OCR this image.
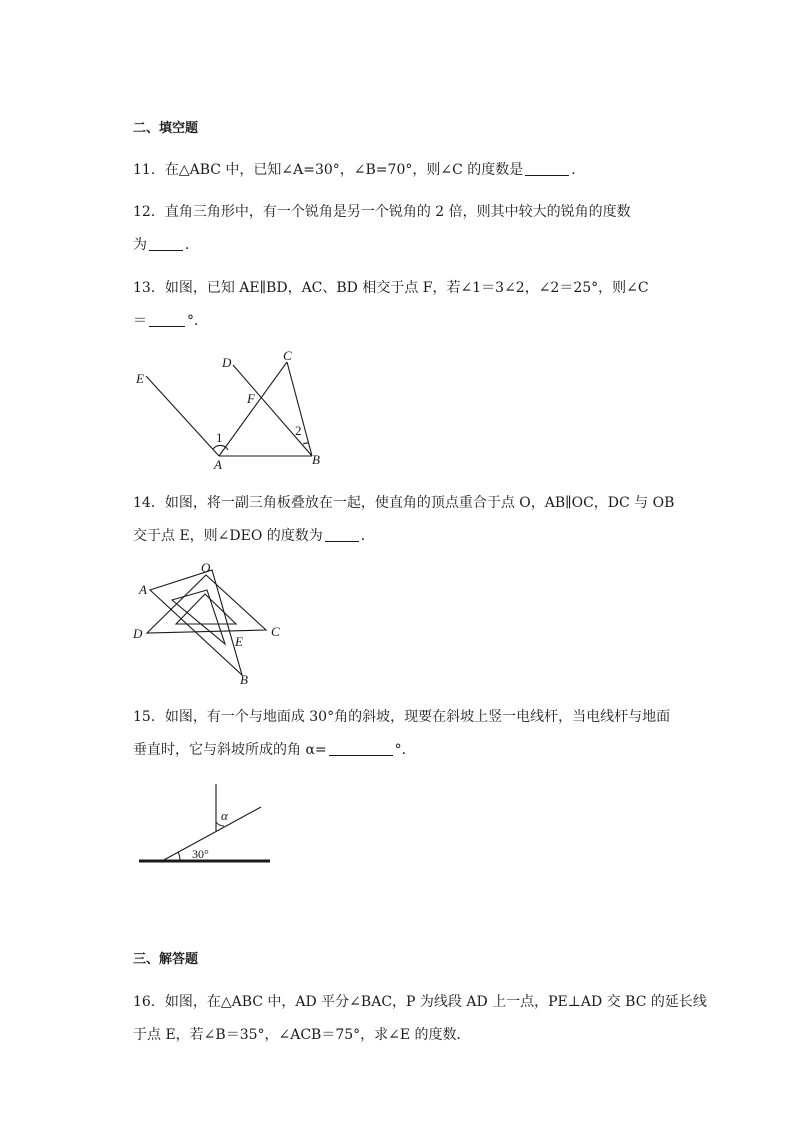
二、填空题
11．在△ABC 中，已知∠A=30°，∠B=70°，则∠C 的度数是	．
12．直角三角形中，有一个锐角是另一个锐角的 2 倍，则其中较大的锐角的度数
为	．
13．如图，已知 AE∥BD，AC、BD 相交于点 F，若∠1＝3∠2，∠2＝25°，则∠C
＝	°．
E
D	C
F
A	B
1	2
14．如图，将一副三角板叠放在一起，使直角的顶点重合于点 O，AB∥OC，DC 与 OB
交于点 E，则∠DEO 的度数为	．
O
A
D	C
E
B
15．如图，有一个与地面成 30°角的斜坡，现要在斜坡上竖一电线杆，当电线杆与地面
垂直时，它与斜坡所成的角 α=	°．
α
30°
三、解答题
16．如图，在△ABC 中，AD 平分∠BAC，P 为线段 AD 上一点，PE⊥AD 交 BC 的延长线
于点 E，若∠B＝35°，∠ACB＝75°，求∠E 的度数．
